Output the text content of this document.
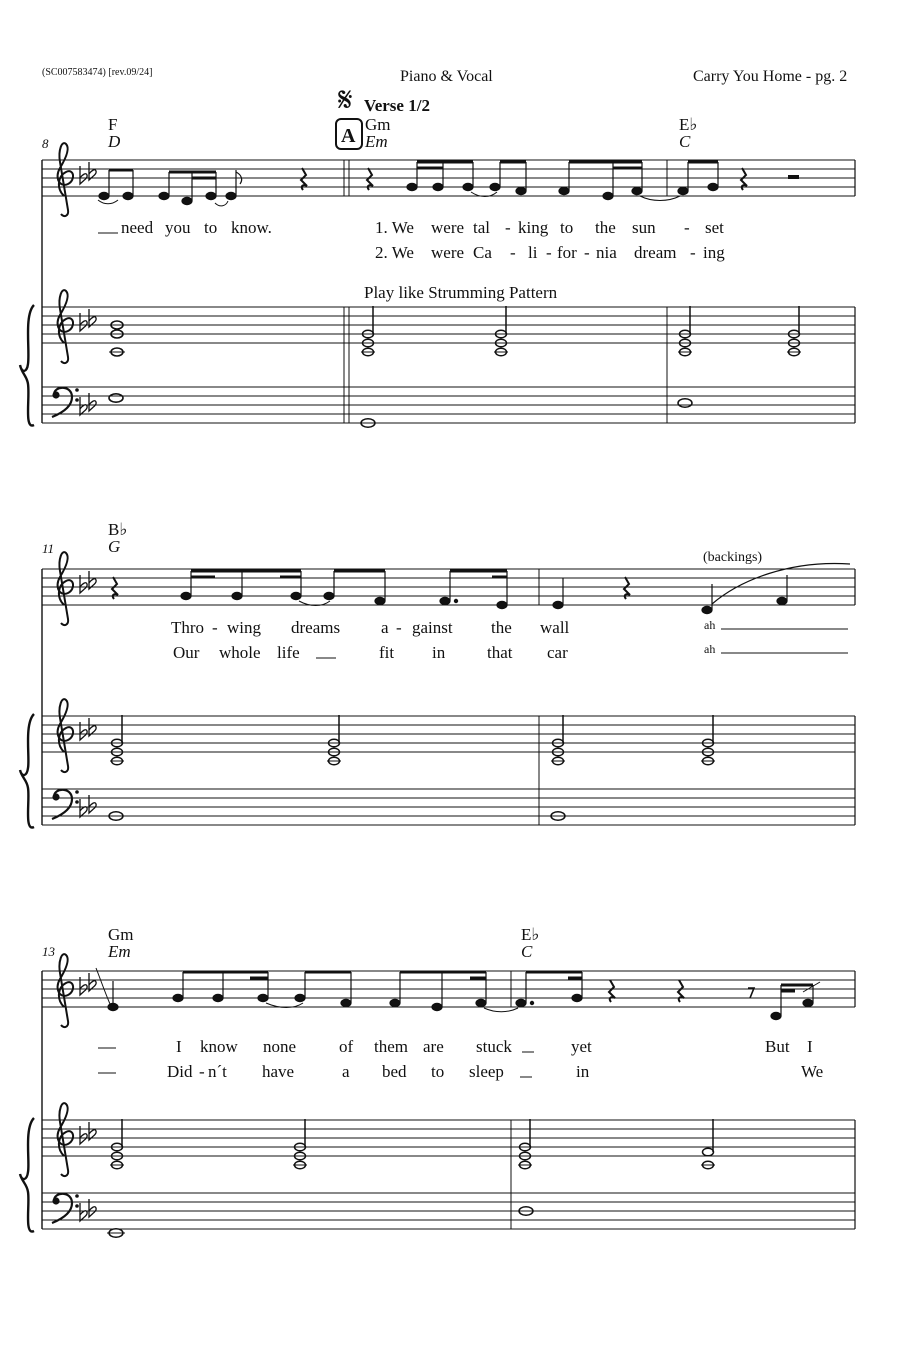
(SC007583474) [rev.09/24]	Piano & Vocal	Carry You Home - pg. 2
8
F
D
𝄋 Verse 1/2
A
Gm
Em
E♭
C
Play like Strumming Pattern
need you to know.	1. We were tal - king to the sun - set
2. We were Ca - li - for - nia dream - ing
11
B♭
G
(backings)
Thro - wing dreams a - gainst the wall	ah
Our whole life	fit in that car	ah
13
Gm
Em
E♭
C
I know none	of them are stuck	yet	But I
Did - n´t have	a bed to sleep	in	We
